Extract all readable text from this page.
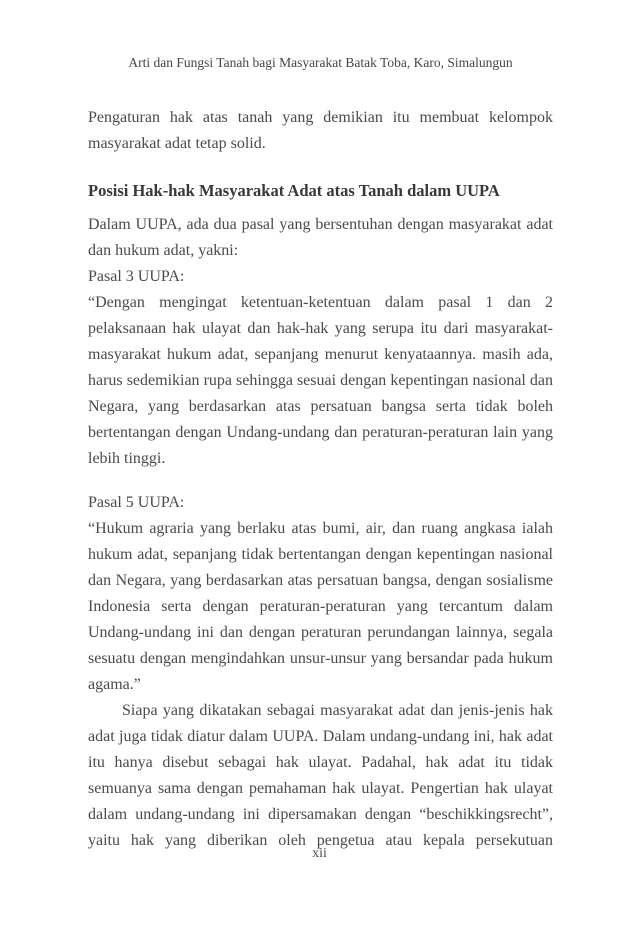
Arti dan Fungsi Tanah bagi Masyarakat Batak Toba, Karo, Simalungun

Pengaturan hak atas tanah yang demikian itu membuat kelompok masyarakat adat tetap solid.

Posisi Hak-hak Masyarakat Adat atas Tanah dalam UUPA

Dalam UUPA, ada dua pasal yang bersentuhan dengan masyarakat adat dan hukum adat, yakni:

Pasal 3 UUPA:

“Dengan mengingat ketentuan-ketentuan dalam pasal 1 dan 2 pelaksanaan hak ulayat dan hak-hak yang serupa itu dari masyarakat-masyarakat hukum adat, sepanjang menurut kenyataannya. masih ada, harus sedemikian rupa sehingga sesuai dengan kepentingan nasional dan Negara, yang berdasarkan atas persatuan bangsa serta tidak boleh bertentangan dengan Undang-undang dan peraturan-peraturan lain yang lebih tinggi.

Pasal 5 UUPA:

“Hukum agraria yang berlaku atas bumi, air, dan ruang angkasa ialah hukum adat, sepanjang tidak bertentangan dengan kepentingan nasional dan Negara, yang berdasarkan atas persatuan bangsa, dengan sosialisme Indonesia serta dengan peraturan-peraturan yang tercantum dalam Undang-undang ini dan dengan peraturan perundangan lainnya, segala sesuatu dengan mengindahkan unsur-unsur yang bersandar pada hukum agama.”

Siapa yang dikatakan sebagai masyarakat adat dan jenis-jenis hak adat juga tidak diatur dalam UUPA. Dalam undang-undang ini, hak adat itu hanya disebut sebagai hak ulayat. Padahal, hak adat itu tidak semuanya sama dengan pemahaman hak ulayat. Pengertian hak ulayat dalam undang-undang ini dipersamakan dengan “beschikkingsrecht”, yaitu hak yang diberikan oleh pengetua atau kepala persekutuan

xii
